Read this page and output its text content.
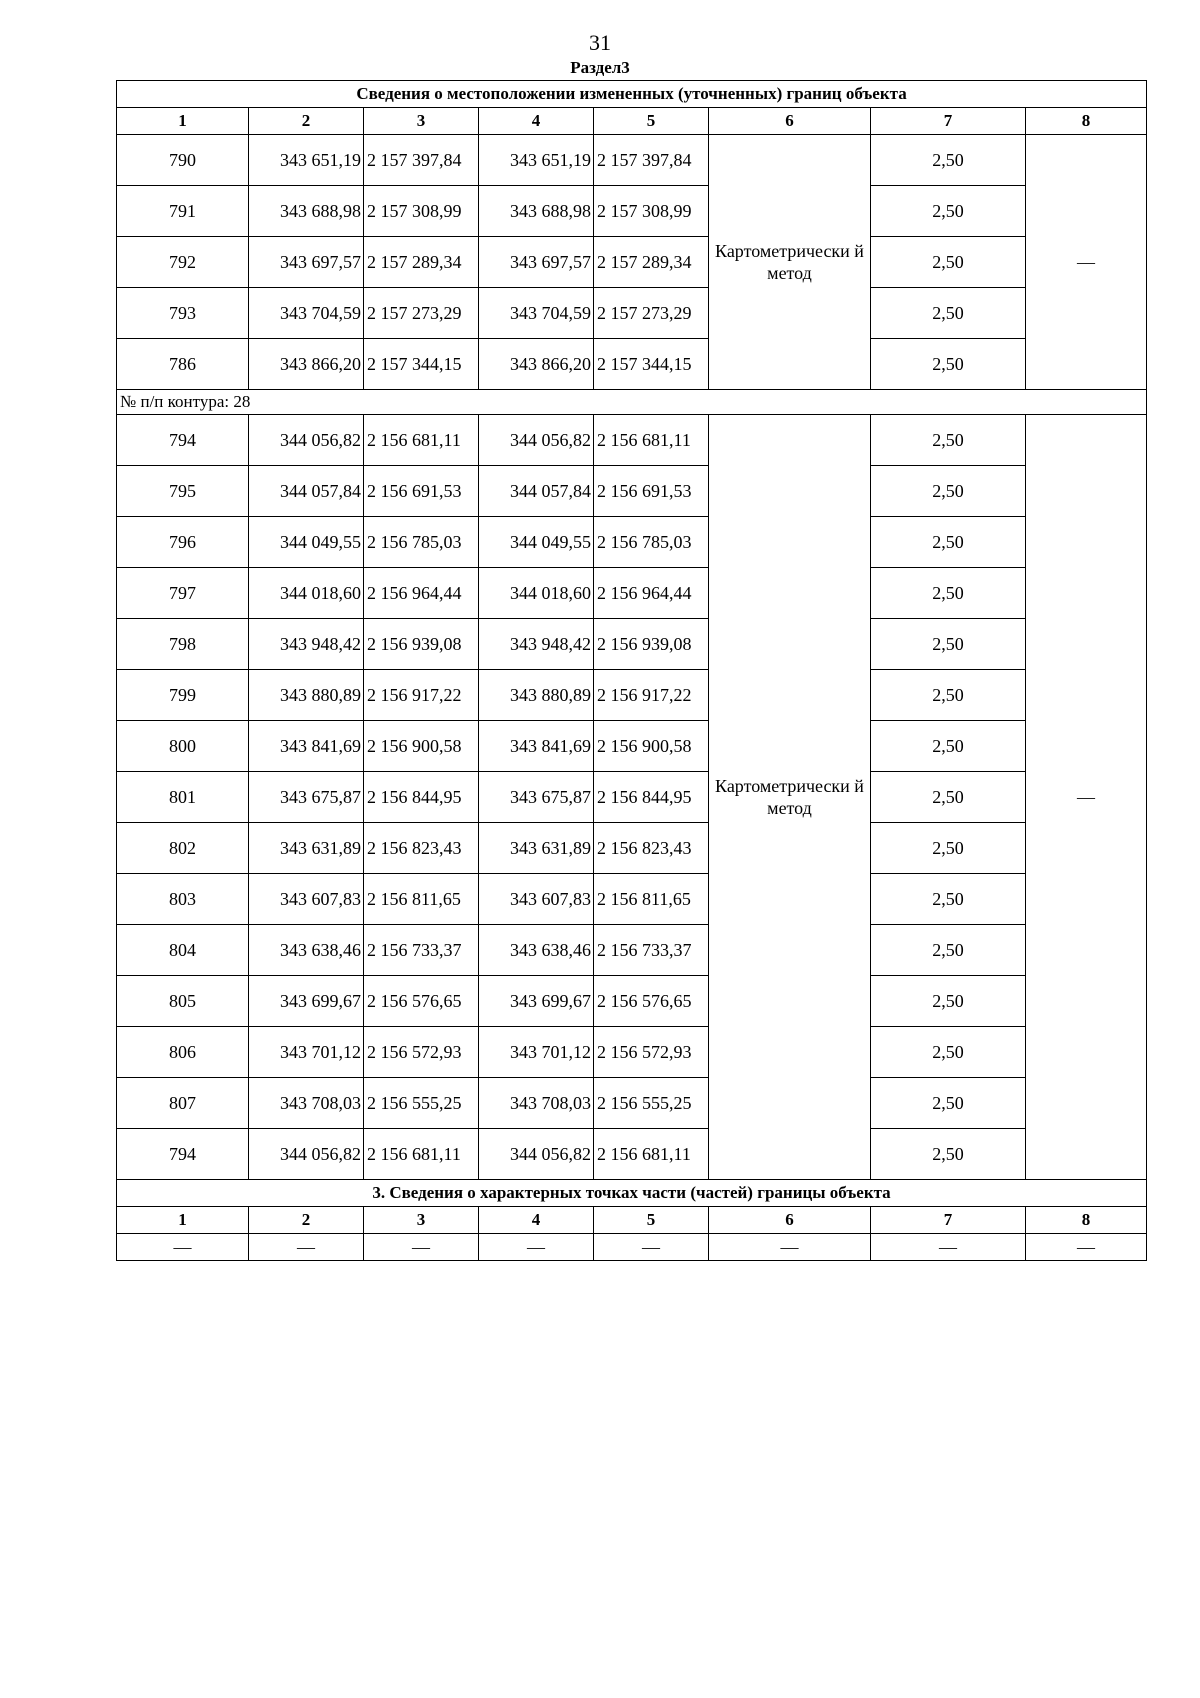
31
Раздел3
Сведения о местоположении измененных (уточненных) границ объекта							
1	2	3	4	5	6	7	8
790	343 651,19	2 157 397,84	343 651,19	2 157 397,84	Картометрически й метод	2,50	—
791	343 688,98	2 157 308,99	343 688,98	2 157 308,99		2,50	
792	343 697,57	2 157 289,34	343 697,57	2 157 289,34		2,50	
793	343 704,59	2 157 273,29	343 704,59	2 157 273,29		2,50	
786	343 866,20	2 157 344,15	343 866,20	2 157 344,15		2,50	
№ п/п контура: 28							
794	344 056,82	2 156 681,11	344 056,82	2 156 681,11	Картометрически й метод	2,50	—
795	344 057,84	2 156 691,53	344 057,84	2 156 691,53		2,50	
796	344 049,55	2 156 785,03	344 049,55	2 156 785,03		2,50	
797	344 018,60	2 156 964,44	344 018,60	2 156 964,44		2,50	
798	343 948,42	2 156 939,08	343 948,42	2 156 939,08		2,50	
799	343 880,89	2 156 917,22	343 880,89	2 156 917,22		2,50	
800	343 841,69	2 156 900,58	343 841,69	2 156 900,58		2,50	
801	343 675,87	2 156 844,95	343 675,87	2 156 844,95		2,50	
802	343 631,89	2 156 823,43	343 631,89	2 156 823,43		2,50	
803	343 607,83	2 156 811,65	343 607,83	2 156 811,65		2,50	
804	343 638,46	2 156 733,37	343 638,46	2 156 733,37		2,50	
805	343 699,67	2 156 576,65	343 699,67	2 156 576,65		2,50	
806	343 701,12	2 156 572,93	343 701,12	2 156 572,93		2,50	
807	343 708,03	2 156 555,25	343 708,03	2 156 555,25		2,50	
794	344 056,82	2 156 681,11	344 056,82	2 156 681,11		2,50	
3. Сведения о характерных точках части (частей) границы объекта							
1	2	3	4	5	6	7	8
—	—	—	—	—	—	—	—
